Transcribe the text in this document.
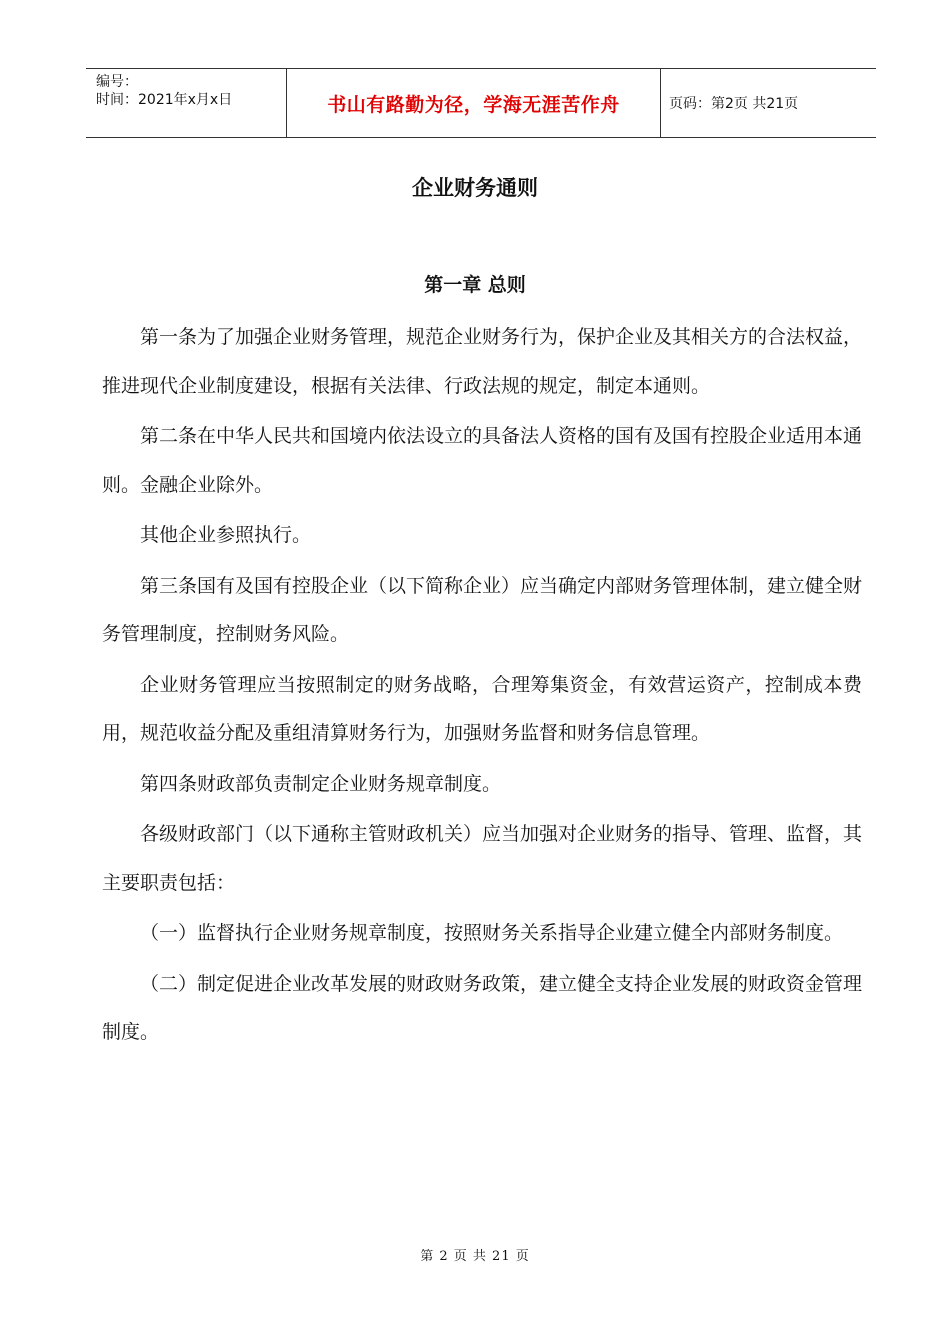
编号：
时间：2021年x月x日	书山有路勤为径，学海无涯苦作舟	页码：第2页 共21页
企业财务通则
第一章 总则

第一条为了加强企业财务管理，规范企业财务行为，保护企业及其相关方的合法权益，推进现代企业制度建设，根据有关法律、行政法规的规定，制定本通则。

第二条在中华人民共和国境内依法设立的具备法人资格的国有及国有控股企业适用本通则。金融企业除外。

其他企业参照执行。

第三条国有及国有控股企业（以下简称企业）应当确定内部财务管理体制，建立健全财务管理制度，控制财务风险。

企业财务管理应当按照制定的财务战略，合理筹集资金，有效营运资产，控制成本费用，规范收益分配及重组清算财务行为，加强财务监督和财务信息管理。

第四条财政部负责制定企业财务规章制度。

各级财政部门（以下通称主管财政机关）应当加强对企业财务的指导、管理、监督，其主要职责包括：

（一）监督执行企业财务规章制度，按照财务关系指导企业建立健全内部财务制度。

（二）制定促进企业改革发展的财政财务政策，建立健全支持企业发展的财政资金管理制度。

第 2 页 共 21 页
